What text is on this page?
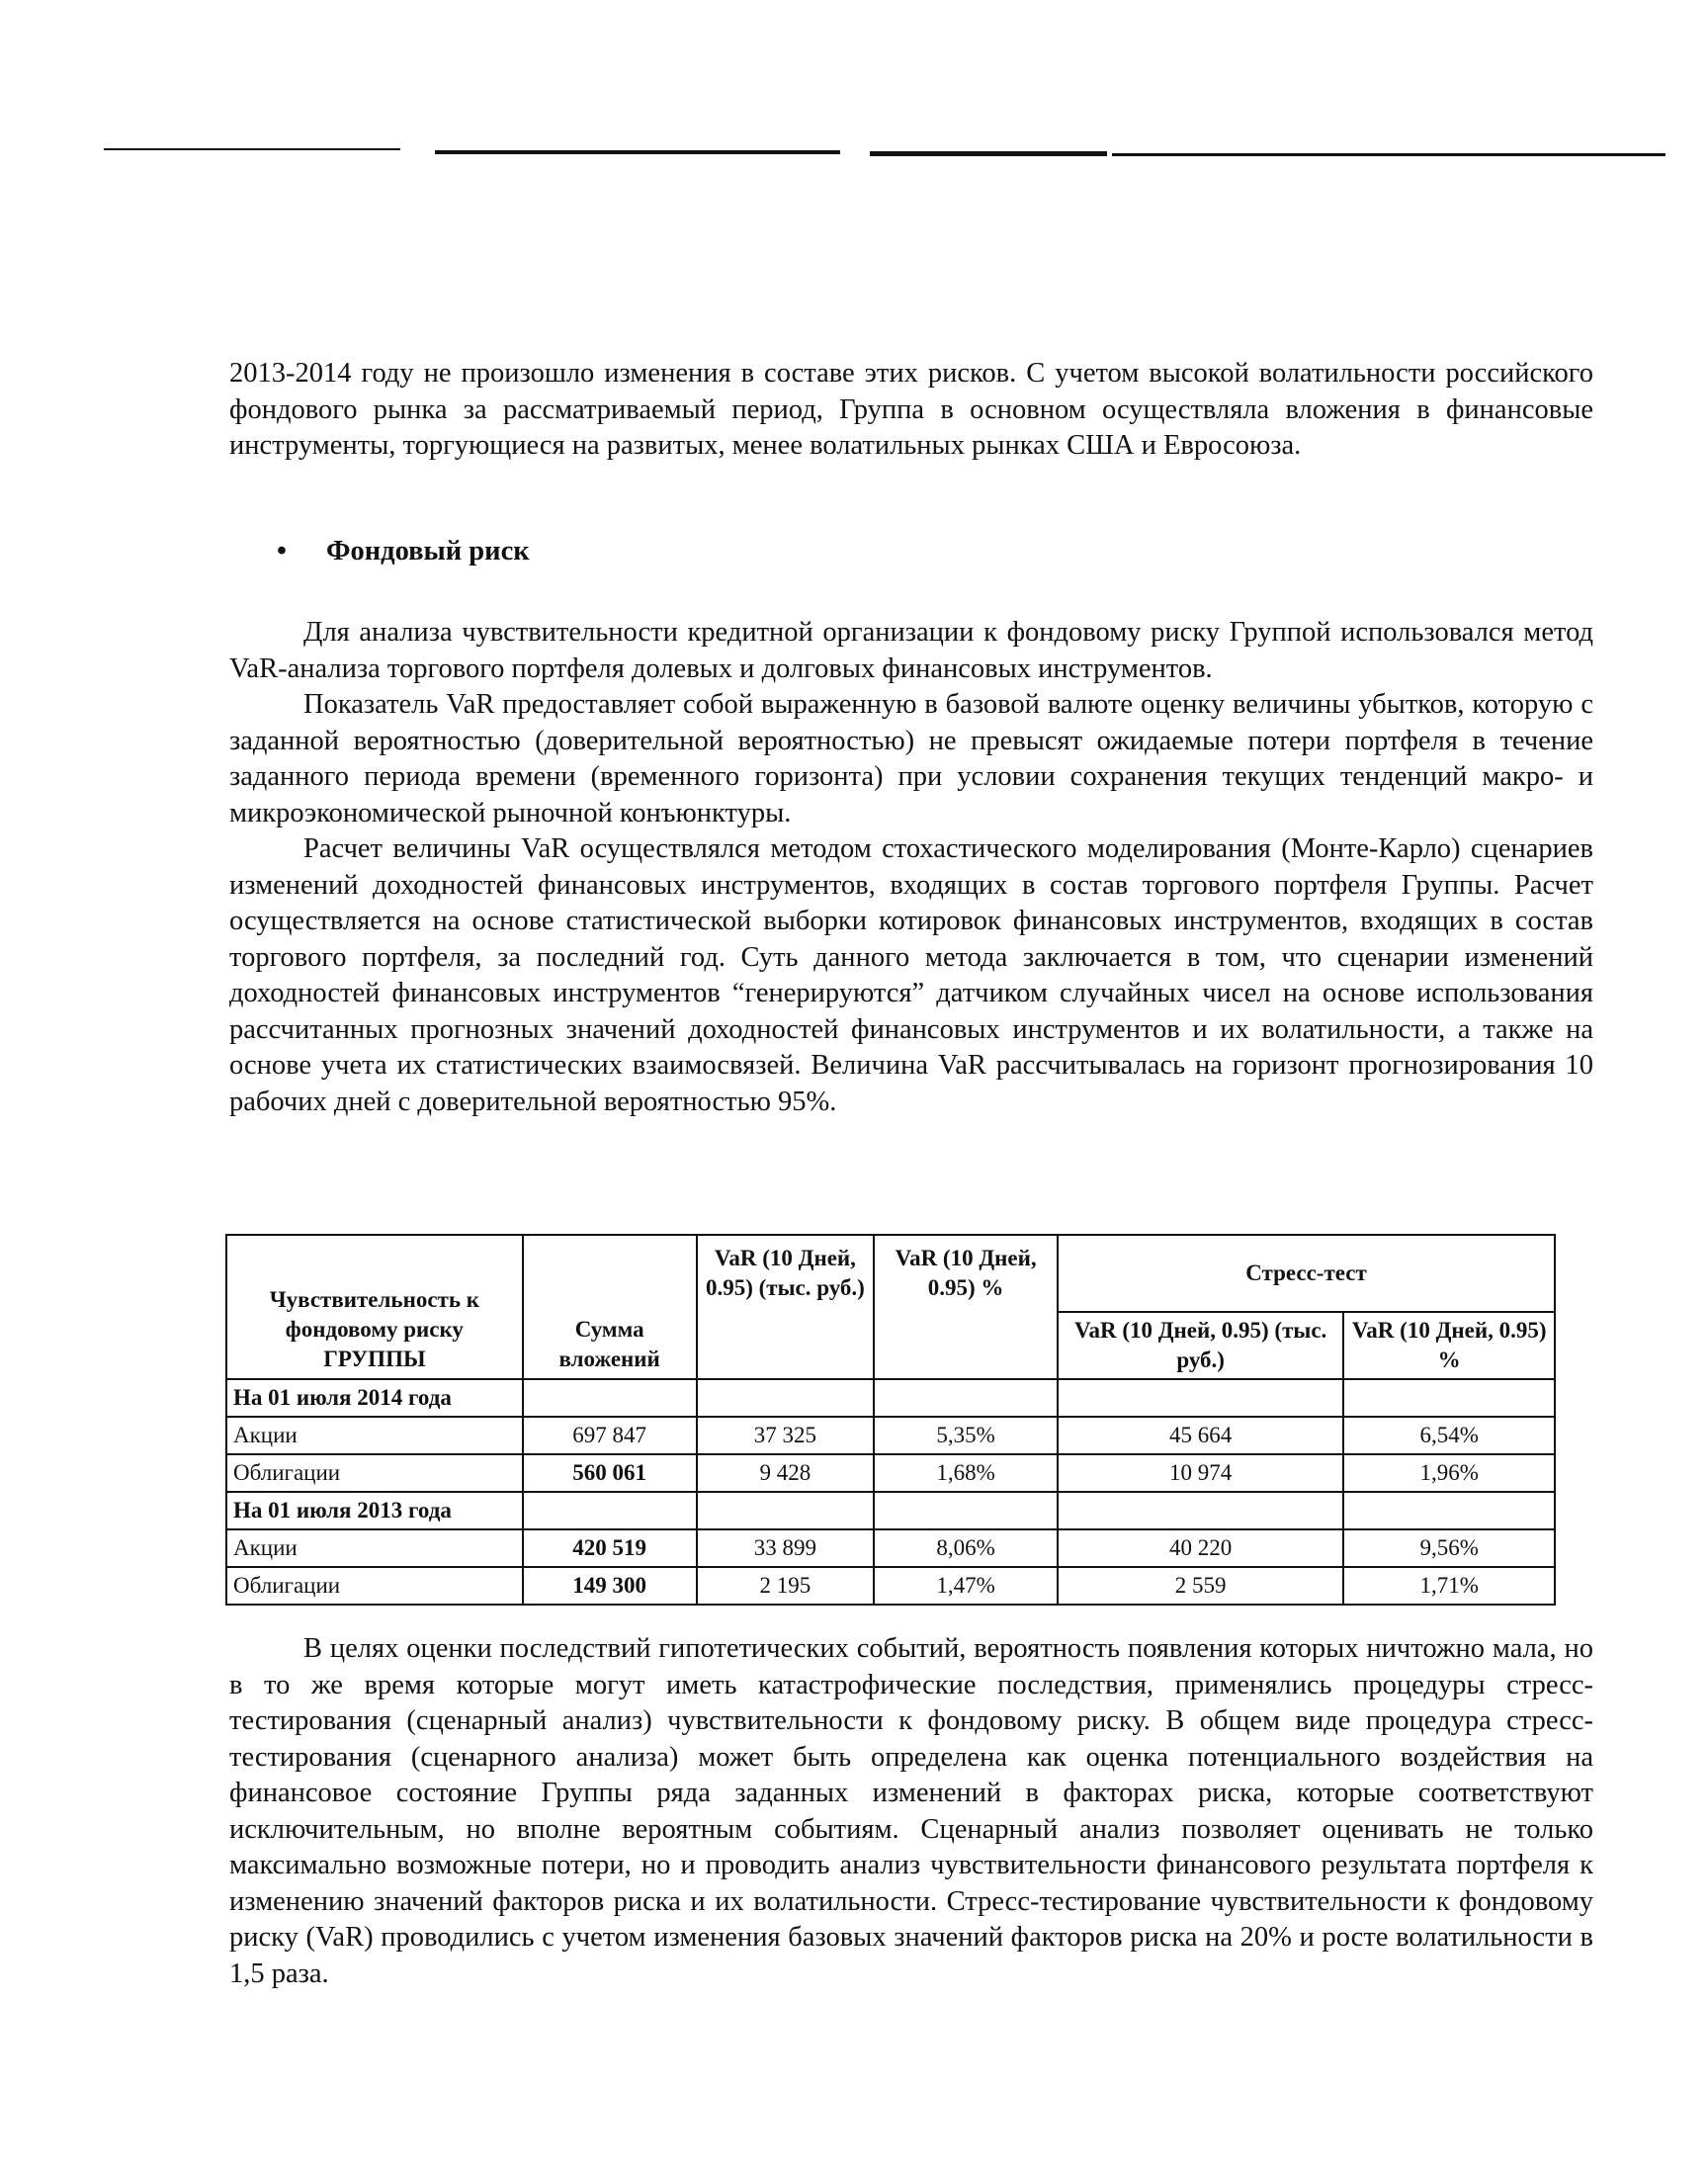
2013-2014 году не произошло изменения в составе этих рисков. С учетом высокой волатильности российского фондового рынка за рассматриваемый период, Группа в основном осуществляла вложения в финансовые инструменты, торгующиеся на развитых, менее волатильных рынках США и Евросоюза.

• Фондовый риск

Для анализа чувствительности кредитной организации к фондовому риску Группой использовался метод VaR-анализа торгового портфеля долевых и долговых финансовых инструментов.

Показатель VaR предоставляет собой выраженную в базовой валюте оценку величины убытков, которую с заданной вероятностью (доверительной вероятностью) не превысят ожидаемые потери портфеля в течение заданного периода времени (временного горизонта) при условии сохранения текущих тенденций макро- и микроэкономической рыночной конъюнктуры.

Расчет величины VaR осуществлялся методом стохастического моделирования (Монте-Карло) сценариев изменений доходностей финансовых инструментов, входящих в состав торгового портфеля Группы. Расчет осуществляется на основе статистической выборки котировок финансовых инструментов, входящих в состав торгового портфеля, за последний год. Суть данного метода заключается в том, что сценарии изменений доходностей финансовых инструментов “генерируются” датчиком случайных чисел на основе использования рассчитанных прогнозных значений доходностей финансовых инструментов и их волатильности, а также на основе учета их статистических взаимосвязей. Величина VaR рассчитывалась на горизонт прогнозирования 10 рабочих дней с доверительной вероятностью 95%.

Чувствительность к фондовому риску ГРУППЫ	Сумма вложений	VaR (10 Дней, 0.95) (тыс. руб.)	VaR (10 Дней, 0.95) %	Стресс-тест	
				VaR (10 Дней, 0.95) (тыс. руб.)	VaR (10 Дней, 0.95) %
На 01 июля 2014 года					
Акции	697 847	37 325	5,35%	45 664	6,54%
Облигации	560 061	9 428	1,68%	10 974	1,96%
На 01 июля 2013 года					
Акции	420 519	33 899	8,06%	40 220	9,56%
Облигации	149 300	2 195	1,47%	2 559	1,71%

В целях оценки последствий гипотетических событий, вероятность появления которых ничтожно мала, но в то же время которые могут иметь катастрофические последствия, применялись процедуры стресс-тестирования (сценарный анализ) чувствительности к фондовому риску. В общем виде процедура стресс-тестирования (сценарного анализа) может быть определена как оценка потенциального воздействия на финансовое состояние Группы ряда заданных изменений в факторах риска, которые соответствуют исключительным, но вполне вероятным событиям. Сценарный анализ позволяет оценивать не только максимально возможные потери, но и проводить анализ чувствительности финансового результата портфеля к изменению значений факторов риска и их волатильности. Стресс-тестирование чувствительности к фондовому риску (VaR) проводились с учетом изменения базовых значений факторов риска на 20% и росте волатильности в 1,5 раза.
